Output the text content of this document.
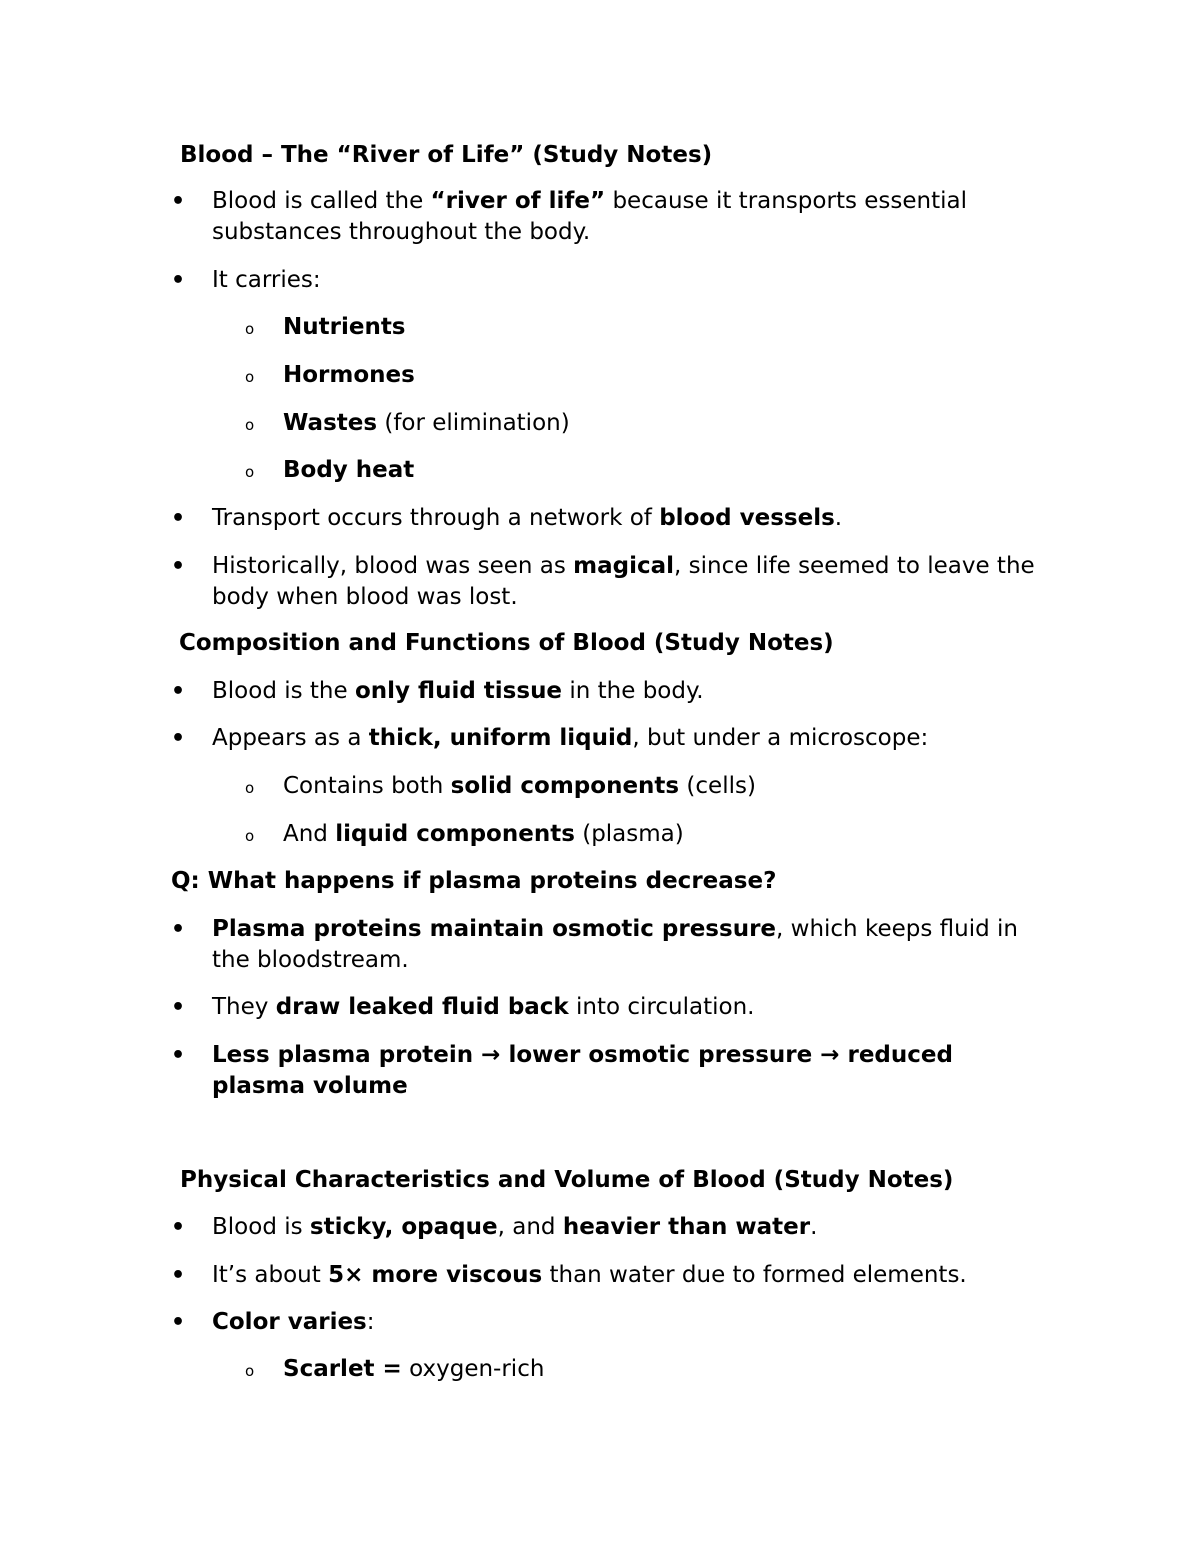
Blood – The “River of Life” (Study Notes)
• Blood is called the “river of life” because it transports essential substances throughout the body.
• It carries:
o Nutrients
o Hormones
o Wastes (for elimination)
o Body heat
• Transport occurs through a network of blood vessels.
• Historically, blood was seen as magical, since life seemed to leave the body when blood was lost.
Composition and Functions of Blood (Study Notes)
• Blood is the only fluid tissue in the body.
• Appears as a thick, uniform liquid, but under a microscope:
o Contains both solid components (cells)
o And liquid components (plasma)
Q: What happens if plasma proteins decrease?
• Plasma proteins maintain osmotic pressure, which keeps fluid in the bloodstream.
• They draw leaked fluid back into circulation.
• Less plasma protein → lower osmotic pressure → reduced plasma volume
Physical Characteristics and Volume of Blood (Study Notes)
• Blood is sticky, opaque, and heavier than water.
• It’s about 5× more viscous than water due to formed elements.
• Color varies:
o Scarlet = oxygen-rich
